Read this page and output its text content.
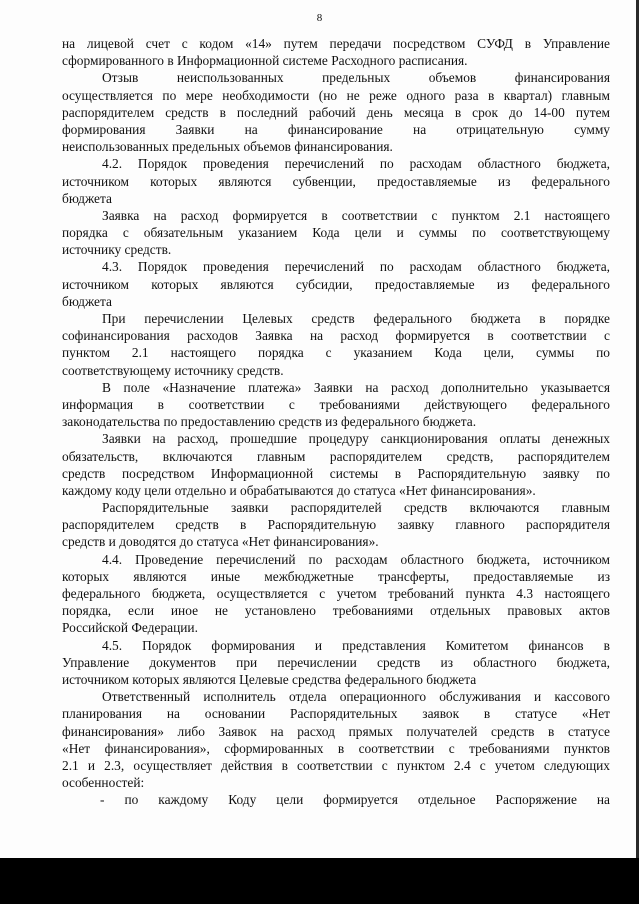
8
на лицевой счет с кодом «14» путем передачи посредством СУФД в Управление
сформированного в Информационной системе Расходного расписания.
Отзыв неиспользованных предельных объемов финансирования
осуществляется по мере необходимости (но не реже одного раза в квартал) главным
распорядителем средств в последний рабочий день месяца в срок до 14-00 путем
формирования Заявки на финансирование на отрицательную сумму
неиспользованных предельных объемов финансирования.
4.2. Порядок проведения перечислений по расходам областного бюджета,
источником которых являются субвенции, предоставляемые из федерального
бюджета
Заявка на расход формируется в соответствии с пунктом 2.1 настоящего
порядка с обязательным указанием Кода цели и суммы по соответствующему
источнику средств.
4.3. Порядок проведения перечислений по расходам областного бюджета,
источником которых являются субсидии, предоставляемые из федерального
бюджета
При перечислении Целевых средств федерального бюджета в порядке
софинансирования расходов Заявка на расход формируется в соответствии с
пунктом 2.1 настоящего порядка с указанием Кода цели, суммы по
соответствующему источнику средств.
В поле «Назначение платежа» Заявки на расход дополнительно указывается
информация в соответствии с требованиями действующего федерального
законодательства по предоставлению средств из федерального бюджета.
Заявки на расход, прошедшие процедуру санкционирования оплаты денежных
обязательств, включаются главным распорядителем средств, распорядителем
средств посредством Информационной системы в Распорядительную заявку по
каждому коду цели отдельно и обрабатываются до статуса «Нет финансирования».
Распорядительные заявки распорядителей средств включаются главным
распорядителем средств в Распорядительную заявку главного распорядителя
средств и доводятся до статуса «Нет финансирования».
4.4. Проведение перечислений по расходам областного бюджета, источником
которых являются иные межбюджетные трансферты, предоставляемые из
федерального бюджета, осуществляется с учетом требований пункта 4.3 настоящего
порядка, если иное не установлено требованиями отдельных правовых актов
Российской Федерации.
4.5. Порядок формирования и представления Комитетом финансов в
Управление документов при перечислении средств из областного бюджета,
источником которых являются Целевые средства федерального бюджета
Ответственный исполнитель отдела операционного обслуживания и кассового
планирования на основании Распорядительных заявок в статусе «Нет
финансирования» либо Заявок на расход прямых получателей средств в статусе
«Нет финансирования», сформированных в соответствии с требованиями пунктов
2.1 и 2.3, осуществляет действия в соответствии с пунктом 2.4 с учетом следующих
особенностей:
- по каждому Коду цели формируется отдельное Распоряжение на
